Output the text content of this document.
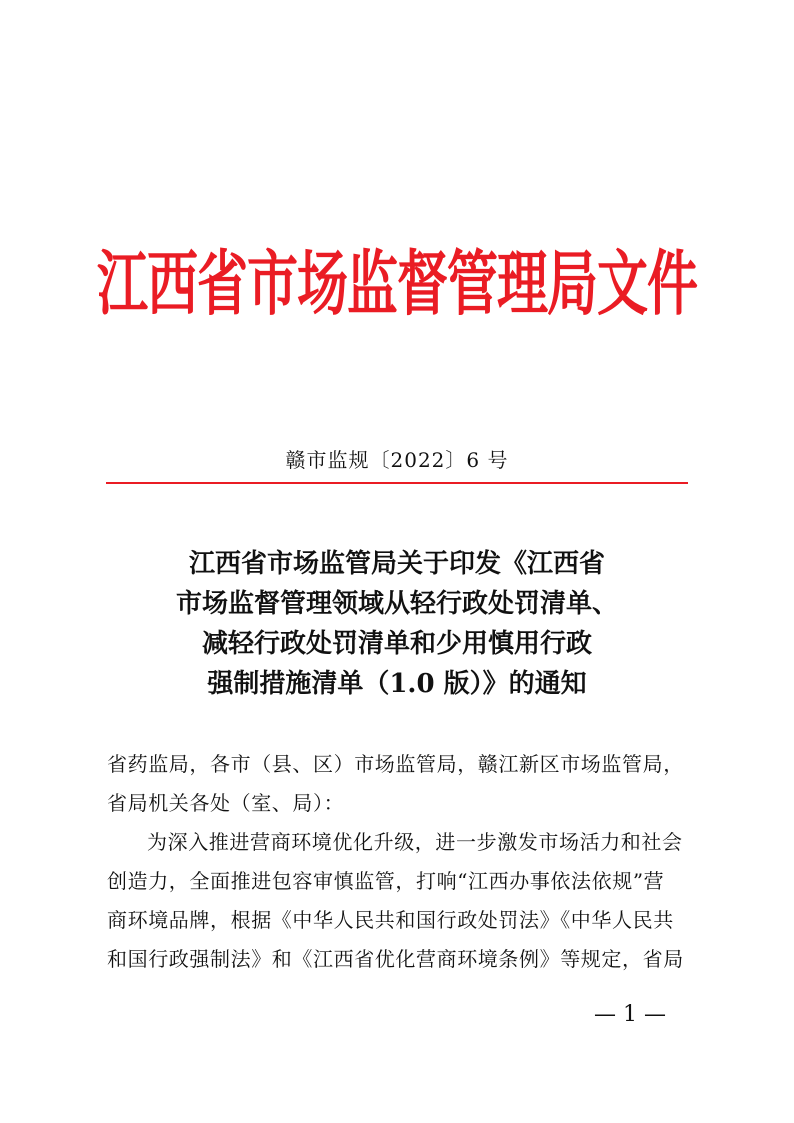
江西省市场监督管理局文件
赣市监规〔2022〕6 号
江西省市场监管局关于印发《江西省
市场监督管理领域从轻行政处罚清单、
减轻行政处罚清单和少用慎用行政
强制措施清单（1.0 版）》的通知

省药监局，各市（县、区）市场监管局，赣江新区市场监管局，
省局机关各处（室、局）：

为深入推进营商环境优化升级，进一步激发市场活力和社会
创造力，全面推进包容审慎监管，打响“江西办事依法依规”营
商环境品牌，根据《中华人民共和国行政处罚法》《中华人民共
和国行政强制法》和《江西省优化营商环境条例》等规定，省局

— 1 —
